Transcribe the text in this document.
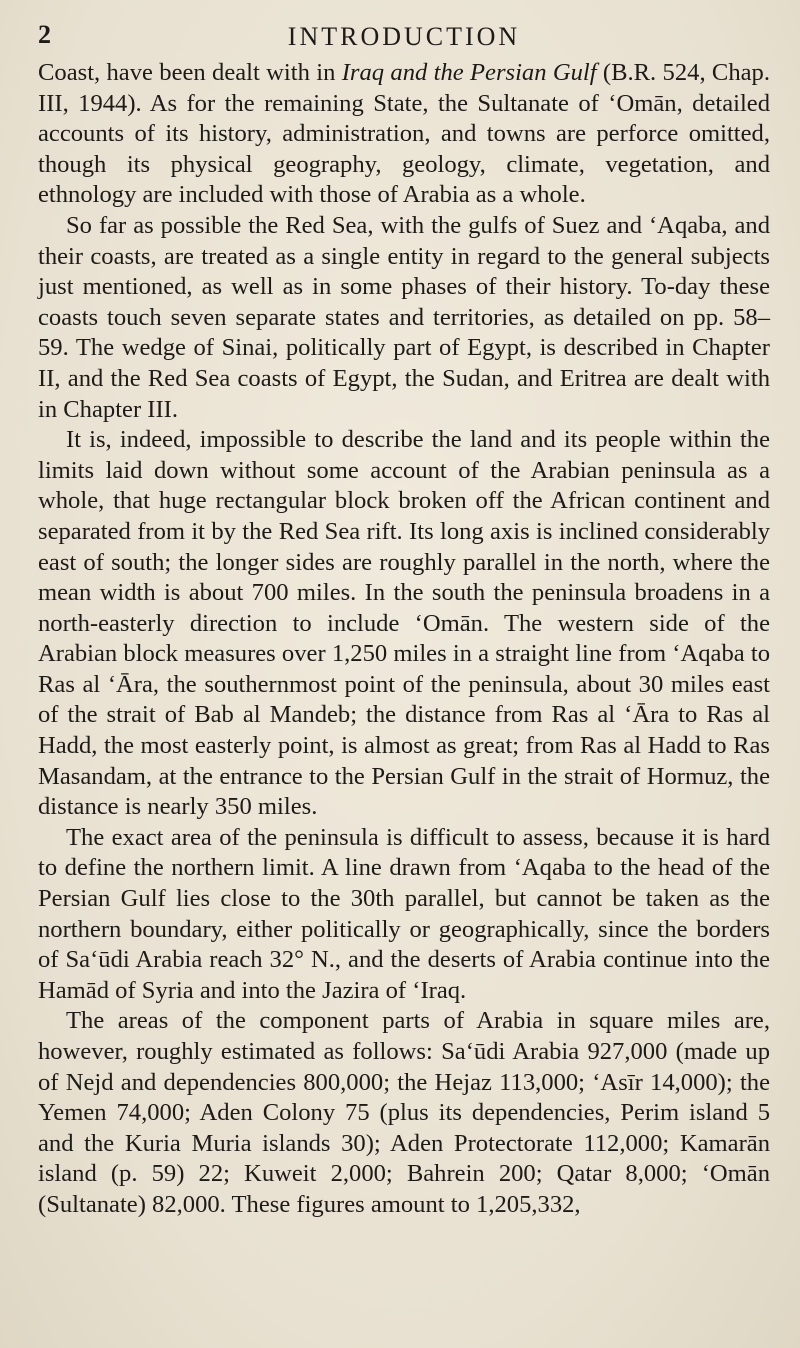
2	INTRODUCTION

Coast, have been dealt with in Iraq and the Persian Gulf (B.R. 524, Chap. III, 1944). As for the remaining State, the Sultanate of ‘Omān, detailed accounts of its history, administration, and towns are perforce omitted, though its physical geography, geology, climate, vegetation, and ethnology are included with those of Arabia as a whole.

So far as possible the Red Sea, with the gulfs of Suez and ‘Aqaba, and their coasts, are treated as a single entity in regard to the general subjects just mentioned, as well as in some phases of their history. To-day these coasts touch seven separate states and territories, as detailed on pp. 58–59. The wedge of Sinai, politically part of Egypt, is described in Chapter II, and the Red Sea coasts of Egypt, the Sudan, and Eritrea are dealt with in Chapter III.

It is, indeed, impossible to describe the land and its people within the limits laid down without some account of the Arabian peninsula as a whole, that huge rectangular block broken off the African continent and separated from it by the Red Sea rift. Its long axis is inclined considerably east of south; the longer sides are roughly parallel in the north, where the mean width is about 700 miles. In the south the peninsula broadens in a north-easterly direction to include ‘Omān. The western side of the Arabian block measures over 1,250 miles in a straight line from ‘Aqaba to Ras al ‘Āra, the southernmost point of the peninsula, about 30 miles east of the strait of Bab al Mandeb; the distance from Ras al ‘Āra to Ras al Hadd, the most easterly point, is almost as great; from Ras al Hadd to Ras Masandam, at the entrance to the Persian Gulf in the strait of Hormuz, the distance is nearly 350 miles.

The exact area of the peninsula is difficult to assess, because it is hard to define the northern limit. A line drawn from ‘Aqaba to the head of the Persian Gulf lies close to the 30th parallel, but cannot be taken as the northern boundary, either politically or geographically, since the borders of Sa‘ūdi Arabia reach 32° N., and the deserts of Arabia continue into the Hamād of Syria and into the Jazira of ‘Iraq.

The areas of the component parts of Arabia in square miles are, however, roughly estimated as follows: Sa‘ūdi Arabia 927,000 (made up of Nejd and dependencies 800,000; the Hejaz 113,000; ‘Asīr 14,000); the Yemen 74,000; Aden Colony 75 (plus its dependencies, Perim island 5 and the Kuria Muria islands 30); Aden Protectorate 112,000; Kamarān island (p. 59) 22; Kuweit 2,000; Bahrein 200; Qatar 8,000; ‘Omān (Sultanate) 82,000. These figures amount to 1,205,332,
